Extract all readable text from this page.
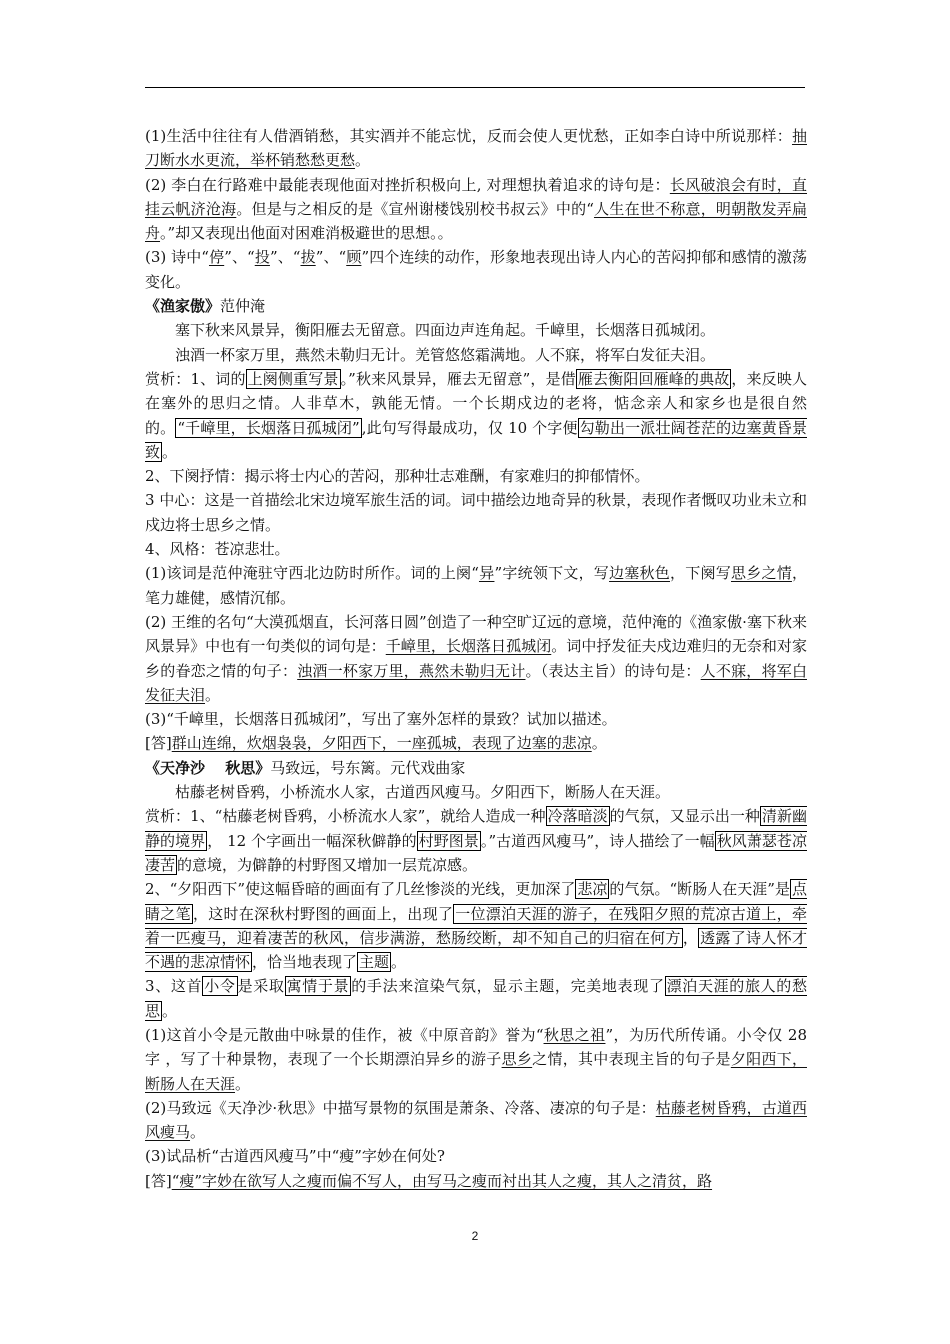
(1)生活中往往有人借酒销愁，其实酒并不能忘忧，反而会使人更忧愁，正如李白诗中所说那样：抽刀断水水更流，举杯销愁愁更愁。

(2) 李白在行路难中最能表现他面对挫折积极向上, 对理想执着追求的诗句是：长风破浪会有时，直挂云帆济沧海。但是与之相反的是《宣州谢楼饯别校书叔云》中的“人生在世不称意，明朝散发弄扁舟。”却又表现出他面对困难消极避世的思想。。

(3) 诗中“停”、“投”、“拔”、“顾”四个连续的动作，形象地表现出诗人内心的苦闷抑郁和感情的激荡变化。

《渔家傲》范仲淹

塞下秋来风景异，衡阳雁去无留意。四面边声连角起。千嶂里，长烟落日孤城闭。

浊酒一杯家万里，燕然未勒归无计。羌管悠悠霜满地。人不寐，将军白发征夫泪。

赏析：1、词的 上阕侧重写景 。”秋来风景异，雁去无留意”，是借 雁去衡阳回雁峰的典故 ，来反映人在塞外的思归之情。人非草木，孰能无情。一个长期戍边的老将，惦念亲人和家乡也是很自然的。 “千嶂里，长烟落日孤城闭” ,此句写得最成功，仅 10 个字便 勾勒出一派壮阔苍茫的边塞黄昏景致 。

2、下阕抒情：揭示将士内心的苦闷，那种壮志难酬，有家难归的抑郁情怀。

3 中心：这是一首描绘北宋边境军旅生活的词。词中描绘边地奇异的秋景，表现作者慨叹功业未立和戍边将士思乡之情。

4、风格：苍凉悲壮。

(1)该词是范仲淹驻守西北边防时所作。词的上阕“异”字统领下文，写边塞秋色，下阕写思乡之情，笔力雄健，感情沉郁。

(2) 王维的名句“大漠孤烟直，长河落日圆”创造了一种空旷辽远的意境，范仲淹的《渔家傲·塞下秋来风景异》中也有一句类似的词句是：千嶂里，长烟落日孤城闭。词中抒发征夫戍边难归的无奈和对家乡的眷恋之情的句子：浊酒一杯家万里，燕然未勒归无计。（表达主旨）的诗句是：人不寐，将军白发征夫泪。

(3)“千嶂里，长烟落日孤城闭”，写出了塞外怎样的景致？试加以描述。

[答]群山连绵，炊烟袅袅，夕阳西下，一座孤城，表现了边塞的悲凉。

《天净沙　 秋思》马致远，号东篱。元代戏曲家

枯藤老树昏鸦，小桥流水人家，古道西风瘦马。夕阳西下，断肠人在天涯。

赏析：1、“枯藤老树昏鸦，小桥流水人家”，就给人造成一种 冷落暗淡 的气氛，又显示出一种 清新幽静的境界 ， 12 个字画出一幅深秋僻静的 村野图景 。”古道西风瘦马”，诗人描绘了一幅 秋风萧瑟苍凉凄苦 的意境，为僻静的村野图又增加一层荒凉感。

2、“夕阳西下”使这幅昏暗的画面有了几丝惨淡的光线，更加深了 悲凉 的气氛。“断肠人在天涯”是 点睛之笔 ，这时在深秋村野图的画面上，出现了 一位漂泊天涯的游子，在残阳夕照的荒凉古道上，牵着一匹瘦马，迎着凄苦的秋风，信步满游，愁肠绞断，却不知自己的归宿在何方 ， 透露了诗人怀才不遇的悲凉情怀 ，恰当地表现了 主题 。

3、这首 小令 是采取 寓情于景 的手法来渲染气氛，显示主题，完美地表现了 漂泊天涯的旅人的愁思 。

(1)这首小令是元散曲中咏景的佳作，被《中原音韵》誉为“秋思之祖”，为历代所传诵。小令仅 28 字 ，写了十种景物，表现了一个长期漂泊异乡的游子思乡之情，其中表现主旨的句子是夕阳西下，断肠人在天涯。

(2)马致远《天净沙·秋思》中描写景物的氛围是萧条、冷落、凄凉的句子是：枯藤老树昏鸦，古道西风瘦马。

(3)试品析“古道西风瘦马”中“瘦”字妙在何处?

[答]“瘦”字妙在欲写人之瘦而偏不写人，由写马之瘦而衬出其人之瘦，其人之清贫，路

2
